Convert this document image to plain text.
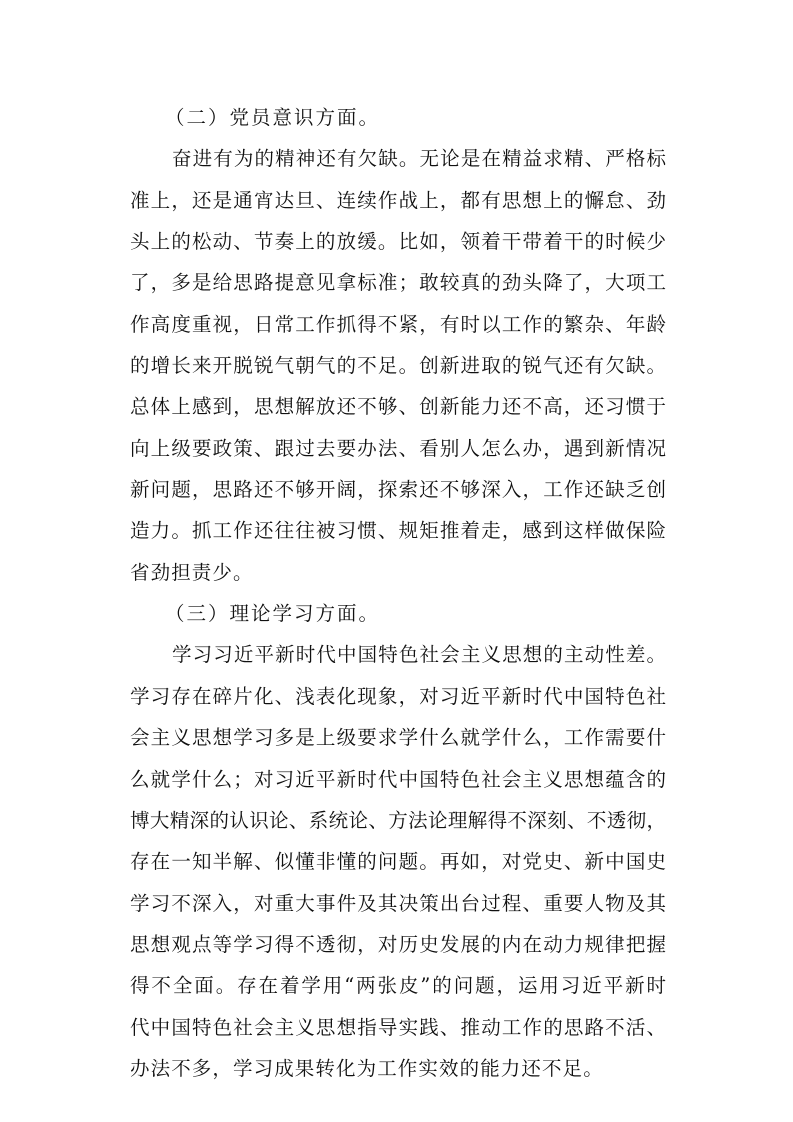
（二）党员意识方面。
奋进有为的精神还有欠缺。无论是在精益求精、严格标
准上，还是通宵达旦、连续作战上，都有思想上的懈怠、劲
头上的松动、节奏上的放缓。比如，领着干带着干的时候少
了，多是给思路提意见拿标准；敢较真的劲头降了，大项工
作高度重视，日常工作抓得不紧，有时以工作的繁杂、年龄
的增长来开脱锐气朝气的不足。创新进取的锐气还有欠缺。
总体上感到，思想解放还不够、创新能力还不高，还习惯于
向上级要政策、跟过去要办法、看别人怎么办，遇到新情况
新问题，思路还不够开阔，探索还不够深入，工作还缺乏创
造力。抓工作还往往被习惯、规矩推着走，感到这样做保险
省劲担责少。
（三）理论学习方面。
学习习近平新时代中国特色社会主义思想的主动性差。
学习存在碎片化、浅表化现象，对习近平新时代中国特色社
会主义思想学习多是上级要求学什么就学什么，工作需要什
么就学什么；对习近平新时代中国特色社会主义思想蕴含的
博大精深的认识论、系统论、方法论理解得不深刻、不透彻，
存在一知半解、似懂非懂的问题。再如，对党史、新中国史
学习不深入，对重大事件及其决策出台过程、重要人物及其
思想观点等学习得不透彻，对历史发展的内在动力规律把握
得不全面。存在着学用“两张皮”的问题，运用习近平新时
代中国特色社会主义思想指导实践、推动工作的思路不活、
办法不多，学习成果转化为工作实效的能力还不足。
